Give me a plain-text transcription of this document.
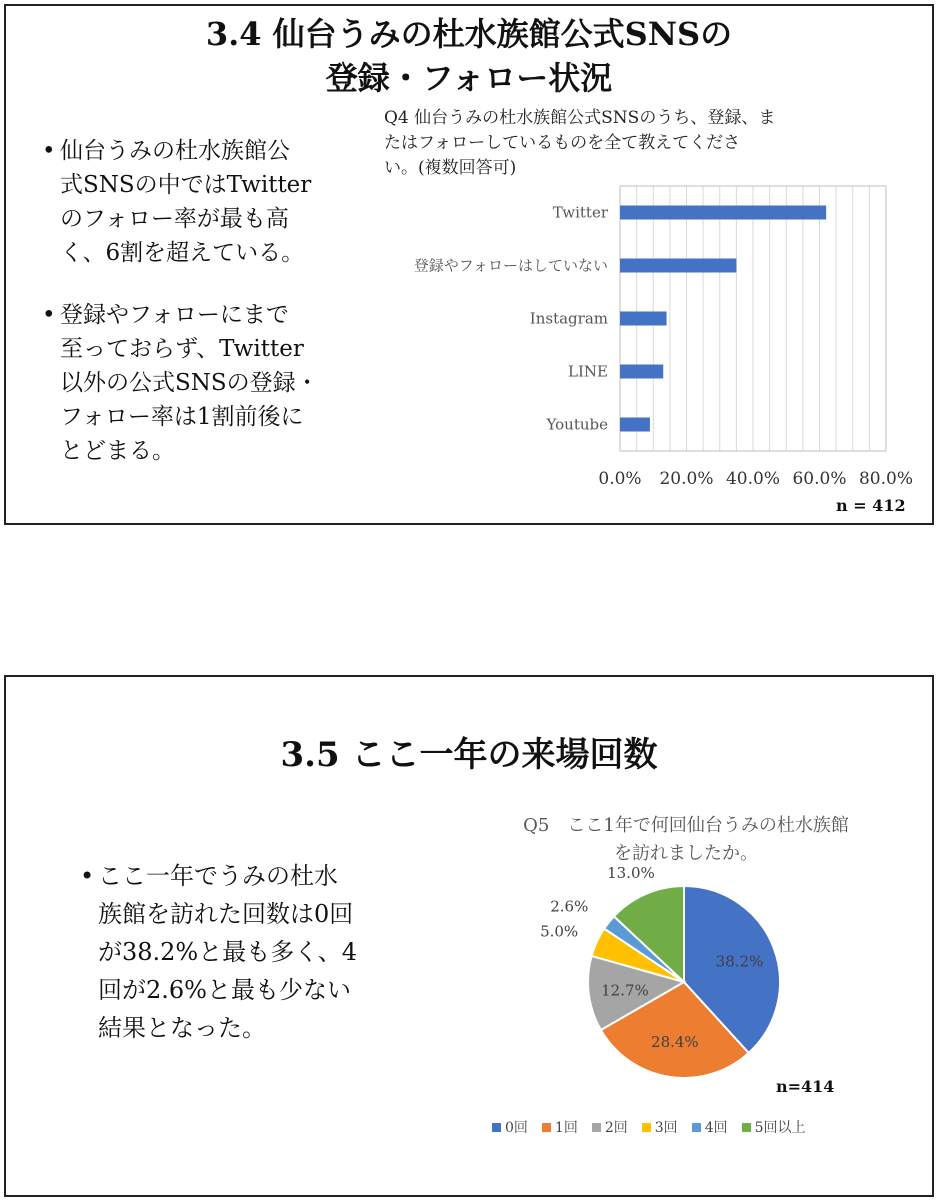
3.4 仙台うみの杜水族館公式SNSの
登録・フォロー状況
• 仙台うみの杜水族館公
式SNSの中ではTwitter
のフォロー率が最も高
く、6割を超えている。
• 登録やフォローにまで
至っておらず、Twitter
以外の公式SNSの登録・
フォロー率は1割前後に
とどまる。
Q4 仙台うみの杜水族館公式SNSのうち、登録、ま
たはフォローしているものを全て教えてくださ
い。(複数回答可)
Twitter
登録やフォローはしていない
Instagram
LINE
Youtube
0.0% 20.0% 40.0% 60.0% 80.0%
n = 412
3.5 ここ一年の来場回数
• ここ一年でうみの杜水
族館を訪れた回数は0回
が38.2%と最も多く、4
回が2.6%と最も少ない
結果となった。
Q5　ここ1年で何回仙台うみの杜水族館
を訪れましたか。
38.2%
28.4%
12.7%
5.0%
2.6%
13.0%
n=414
0回 1回 2回 3回 4回 5回以上
